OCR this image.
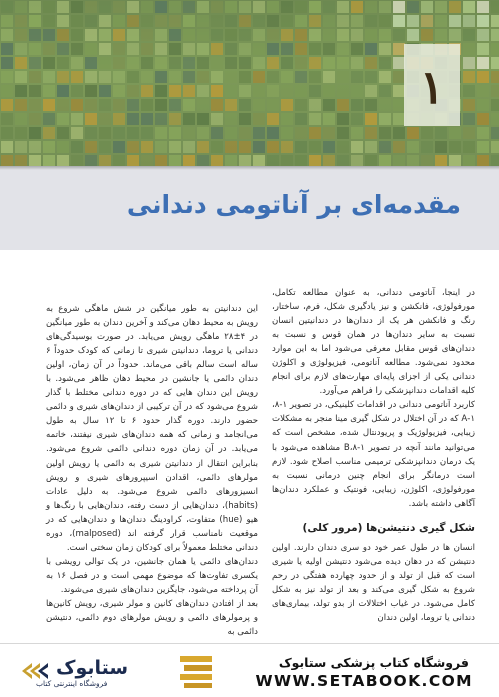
۱
مقدمه‌ای بر آناتومی دندانی

در اینجا، آناتومی دندانی، به عنوان مطالعه تکامل، مورفولوژی، فانکشن و نیز یادگیری شکل، فرم، ساختار، رنگ و فانکشن هر یک از دندان‌ها در دندانیتین انسان نسبت به سایر دندان‌ها در همان قوس و نسبت به دندان‌های قوس مقابل معرفی می‌شود اما به این موارد محدود نمی‌شود. مطالعه آناتومی، فیزیولوژی و اکلوژن دندانی یکی از اجزای پایه‌ای مهارت‌های لازم برای انجام کلیه اقدامات دندانپزشکی را فراهم می‌آورد.

کاربرد آناتومی دندانی در اقدامات کلینیکی، در تصویر ۱-۸، ۱-A که در آن اختلال در شکل گیری مینا منجر به مشکلات زیبایی، فیزیولوژیک و پریودنتال شده، مشخص است که می‌توانید مانند آنچه در تصویر ۱-B،۸ مشاهده می‌شود با یک درمان دندانپزشکی ترمیمی مناسب اصلاح شود. لازم است درمانگر برای انجام چنین درمانی نسبت به مورفولوژی، اکلوژن، زیبایی، فونتیک و عملکرد دندان‌ها آگاهی داشته باشد.

شکل گیری دنتیشن‌ها (مرور کلی)

انسان ها در طول عمر خود دو سری دندان دارند. اولین دنتیشن که در دهان دیده می‌شود دنتیشن اولیه یا شیری است که قبل از تولد و از حدود چهارده هفتگی در رحم شروع به شکل گیری می‌کند و بعد از تولد نیز به شکل کامل می‌شود. در غیاب اختلالات از بدو تولد، بیماری‌های دندانی یا تروما، اولین دندان

این دندانیتن به طور میانگین در شش ماهگی شروع به رویش به محیط دهان می‌کند و آخرین دندان به طور میانگین در ۴±۲۸ ماهگی رویش می‌یابد. در صورت بوسیدگی‌های دندانی یا تروما، دندانیتن شیری تا زمانی که کودک حدوداً ۶ ساله است سالم باقی می‌ماند. حدوداً در آن زمان، اولین دندان دائمی یا جانشین در محیط دهان ظاهر می‌شود. با رویش این دندان هایی که در دوره دندانی مختلط با گذار شروع می‌شود که در آن ترکیبی از دندان‌های شیری و دائمی حضور دارند. دوره گذار حدود ۶ تا ۱۲ سال به طول می‌انجامد و زمانی که همه دندان‌های شیری نیفتند، خاتمه می‌یابد. در آن زمان دوره دندانی دائمی شروع می‌شود. بنابراین انتقال از دندانیتن شیری به دائمی یا رویش اولین مولرهای دائمی، اقدادن اسیپرورهای شیری و رویش انسیزورهای دائمی شروع می‌شود. به دلیل عادات (habits)، دندان‌هایی از دست رفته، دندان‌هایی با رنگ‌ها و هیو (hue) متفاوت، کراودینگ دندان‌ها و دندان‌هایی که در موقعیت نامناسب قرار گرفته اند (malposed)، دوره دندانی مختلط معمولاً برای کودکان زمان سختی است.

دندان‌های دائمی یا همان جانشین، در یک توالی رویشی با یکسری تفاوت‌ها که موضوع مهمی است و در فصل ۱۶ به آن پرداخته می‌شود، جایگزین دندان‌های شیری می‌شوند.

بعد از افتادن دندان‌های کانین و مولر شیری، رویش کانین‌ها و پرمولرهای دائمی و رویش مولرهای دوم دائمی، دنتیشن دائمی به

ستابوک
فروشگاه اینترنتی کتاب
فروشگاه کتاب پزشکی ستابوک
WWW.SETABOOK.COM
